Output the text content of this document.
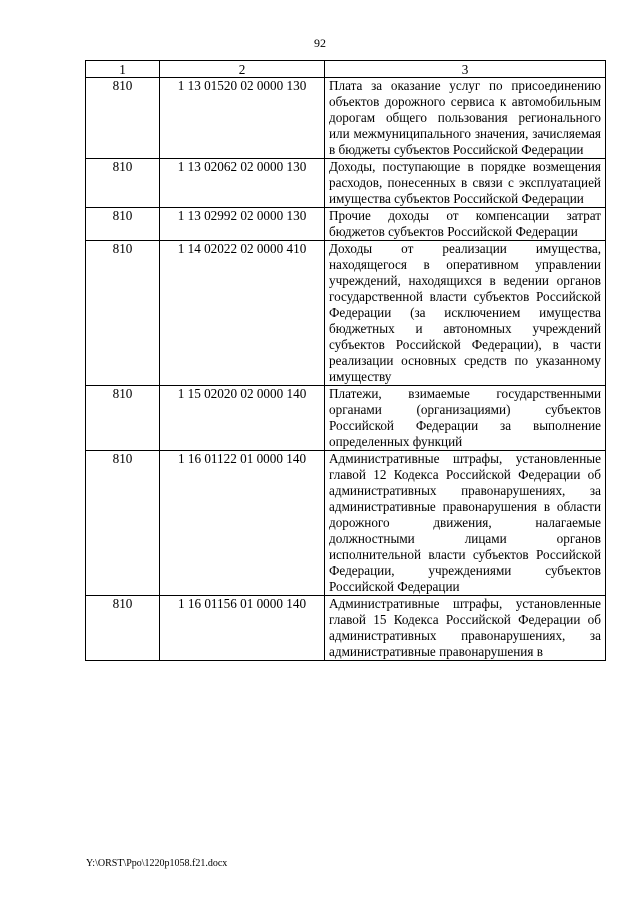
92
1	2	3
810	1 13 01520 02 0000 130	Плата за оказание услуг по присоединению объектов дорожного сервиса к автомобильным дорогам общего пользования регионального или межмуниципального значения, зачисляемая в бюджеты субъектов Российской Федерации
810	1 13 02062 02 0000 130	Доходы, поступающие в порядке возмещения расходов, понесенных в связи с эксплуатацией имущества субъектов Российской Федерации
810	1 13 02992 02 0000 130	Прочие доходы от компенсации затрат бюджетов субъектов Российской Федерации
810	1 14 02022 02 0000 410	Доходы от реализации имущества, находящегося в оперативном управлении учреждений, находящихся в ведении органов государственной власти субъектов Российской Федерации (за исключением имущества бюджетных и автономных учреждений субъектов Российской Федерации), в части реализации основных средств по указанному имуществу
810	1 15 02020 02 0000 140	Платежи, взимаемые государственными органами (организациями) субъектов Российской Федерации за выполнение определенных функций
810	1 16 01122 01 0000 140	Административные штрафы, установленные главой 12 Кодекса Российской Федерации об административных правонарушениях, за административные правонарушения в области дорожного движения, налагаемые должностными лицами органов исполнительной власти субъектов Российской Федерации, учреждениями субъектов Российской Федерации
810	1 16 01156 01 0000 140	Административные штрафы, установленные главой 15 Кодекса Российской Федерации об административных правонарушениях, за административные правонарушения в
Y:\ORST\Ppo\1220p1058.f21.docx
